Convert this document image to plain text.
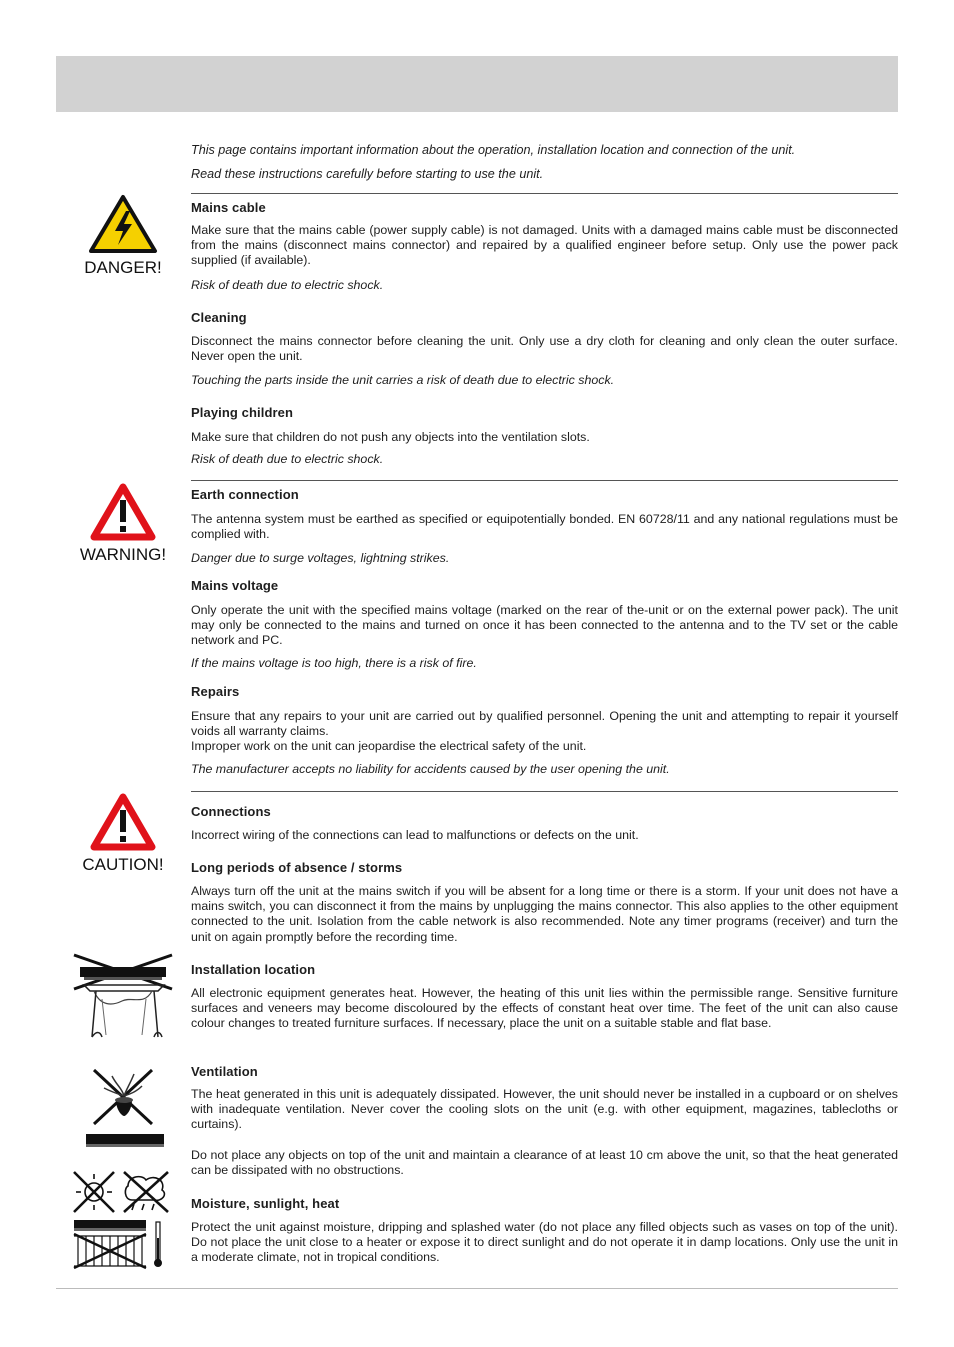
This page contains important information about the operation, installation location and connection of the unit.
Read these instructions carefully before starting to use the unit.
DANGER!
Mains cable
Make sure that the mains cable (power supply cable) is not damaged. Units with a damaged mains cable must be disconnected from the mains (disconnect mains connector) and repaired by a qualified engineer before setup. Only use the power pack supplied (if available).
Risk of death due to electric shock.
Cleaning
Disconnect the mains connector before cleaning the unit. Only use a dry cloth for cleaning and only clean the outer surface. Never open the unit.
Touching the parts inside the unit carries a risk of death due to electric shock.
Playing children
Make sure that children do not push any objects into the ventilation slots.
Risk of death due to electric shock.
WARNING!
Earth connection
The antenna system must be earthed as specified or equipotentially bonded. EN 60728/11 and any national regulations must be complied with.
Danger due to surge voltages, lightning strikes.
Mains voltage
Only operate the unit with the specified mains voltage (marked on the rear of the-unit or on the external power pack). The unit may only be connected to the mains and turned on once it has been connected to the antenna and to the TV set or the cable network and PC.
If the mains voltage is too high, there is a risk of fire.
Repairs
Ensure that any repairs to your unit are carried out by qualified personnel. Opening the unit and attempting to repair it yourself voids all warranty claims.
Improper work on the unit can jeopardise the electrical safety of the unit.
The manufacturer accepts no liability for accidents caused by the user opening the unit.
CAUTION!
Connections
Incorrect wiring of the connections can lead to malfunctions or defects on the unit.
Long periods of absence / storms
Always turn off the unit at the mains switch if you will be absent for a long time or there is a storm. If your unit does not have a mains switch, you can disconnect it from the mains by unplugging the mains connector. This also applies to the other equipment connected to the unit. Isolation from the cable network is also recommended. Note any timer programs (receiver) and turn the unit on again promptly before the recording time.
Installation location
All electronic equipment generates heat. However, the heating of this unit lies within the permissible range. Sensitive furniture surfaces and veneers may become discoloured by the effects of constant heat over time. The feet of the unit can also cause colour changes to treated furniture surfaces. If necessary, place the unit on a suitable stable and flat base.
Ventilation
The heat generated in this unit is adequately dissipated. However, the unit should never be installed in a cupboard or on shelves with inadequate ventilation. Never cover the cooling slots on the unit (e.g. with other equipment, magazines, tablecloths or curtains).
Do not place any objects on top of the unit and maintain a clearance of at least 10 cm above the unit, so that the heat generated can be dissipated with no obstructions.
Moisture, sunlight, heat
Protect the unit against moisture, dripping and splashed water (do not place any filled objects such as vases on top of the unit). Do not place the unit close to a heater or expose it to direct sunlight and do not operate it in damp locations. Only use the unit in a moderate climate, not in tropical conditions.
